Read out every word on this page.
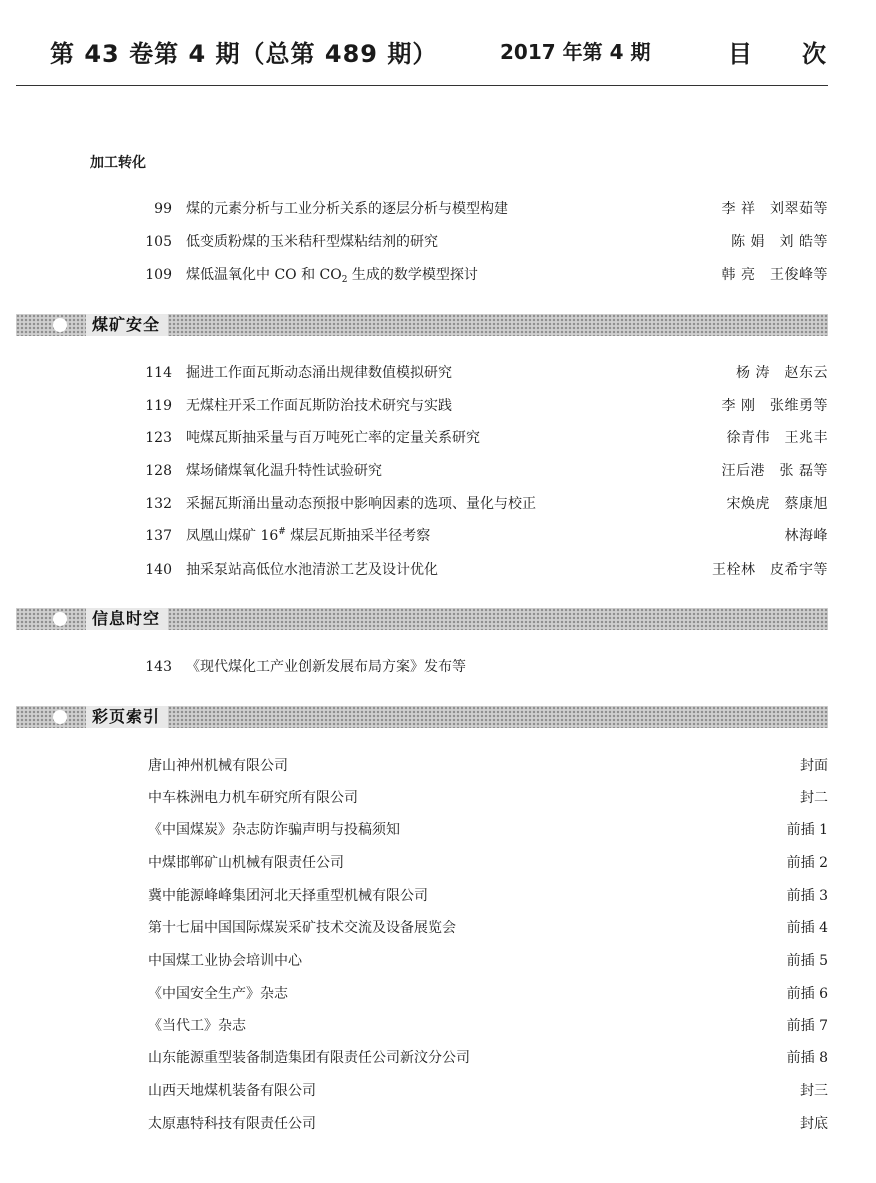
第 43 卷第 4 期（总第 489 期）	2017 年第 4 期	目次
加工转化
99 煤的元素分析与工业分析关系的逐层分析与模型构建	李 祥　刘翠茹等
105 低变质粉煤的玉米秸秆型煤粘结剂的研究	陈 娟　刘 皓等
109 煤低温氧化中 CO 和 $CO_2$ 生成的数学模型探讨	韩 亮　王俊峰等
煤矿安全
114 掘进工作面瓦斯动态涌出规律数值模拟研究	杨 涛　赵东云
119 无煤柱开采工作面瓦斯防治技术研究与实践	李 刚　张维勇等
123 吨煤瓦斯抽采量与百万吨死亡率的定量关系研究	徐青伟　王兆丰
128 煤场储煤氧化温升特性试验研究	汪后港　张 磊等
132 采掘瓦斯涌出量动态预报中影响因素的选项、量化与校正	宋焕虎　蔡康旭
137 凤凰山煤矿 16# 煤层瓦斯抽采半径考察	林海峰
140 抽采泵站高低位水池清淤工艺及设计优化	王栓林　皮希宇等
信息时空
143 《现代煤化工产业创新发展布局方案》发布等
彩页索引
唐山神州机械有限公司	封面
中车株洲电力机车研究所有限公司	封二
《中国煤炭》杂志防诈骗声明与投稿须知	前插 1
中煤邯郸矿山机械有限责任公司	前插 2
冀中能源峰峰集团河北天择重型机械有限公司	前插 3
第十七届中国国际煤炭采矿技术交流及设备展览会	前插 4
中国煤工业协会培训中心	前插 5
《中国安全生产》杂志	前插 6
《当代工》杂志	前插 7
山东能源重型装备制造集团有限责任公司新汶分公司	前插 8
山西天地煤机装备有限公司	封三
太原惠特科技有限责任公司	封底
